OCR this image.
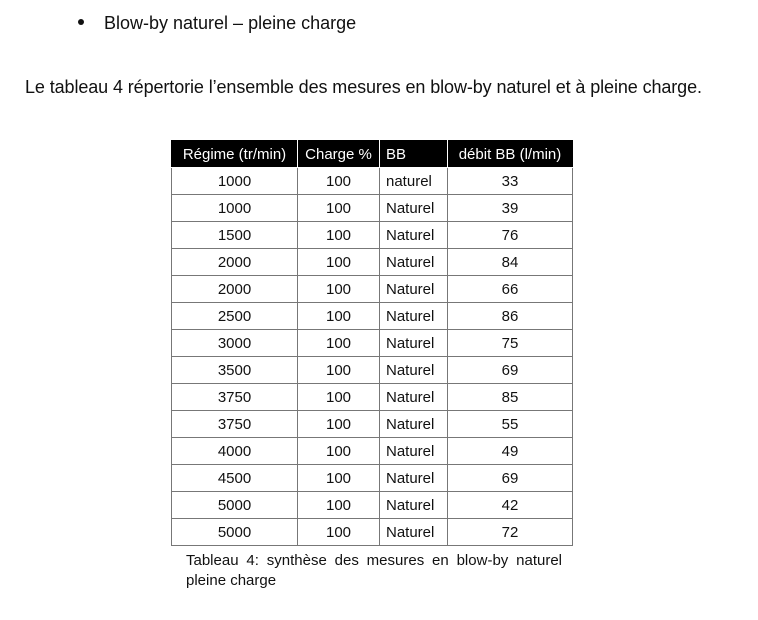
Blow-by naturel – pleine charge
Le tableau 4 répertorie l’ensemble des mesures en blow-by naturel et à pleine charge.
Régime (tr/min)	Charge %	BB	débit BB (l/min)
1000	100	naturel	33
1000	100	Naturel	39
1500	100	Naturel	76
2000	100	Naturel	84
2000	100	Naturel	66
2500	100	Naturel	86
3000	100	Naturel	75
3500	100	Naturel	69
3750	100	Naturel	85
3750	100	Naturel	55
4000	100	Naturel	49
4500	100	Naturel	69
5000	100	Naturel	42
5000	100	Naturel	72
Tableau 4: synthèse des mesures en blow-by naturel pleine charge
